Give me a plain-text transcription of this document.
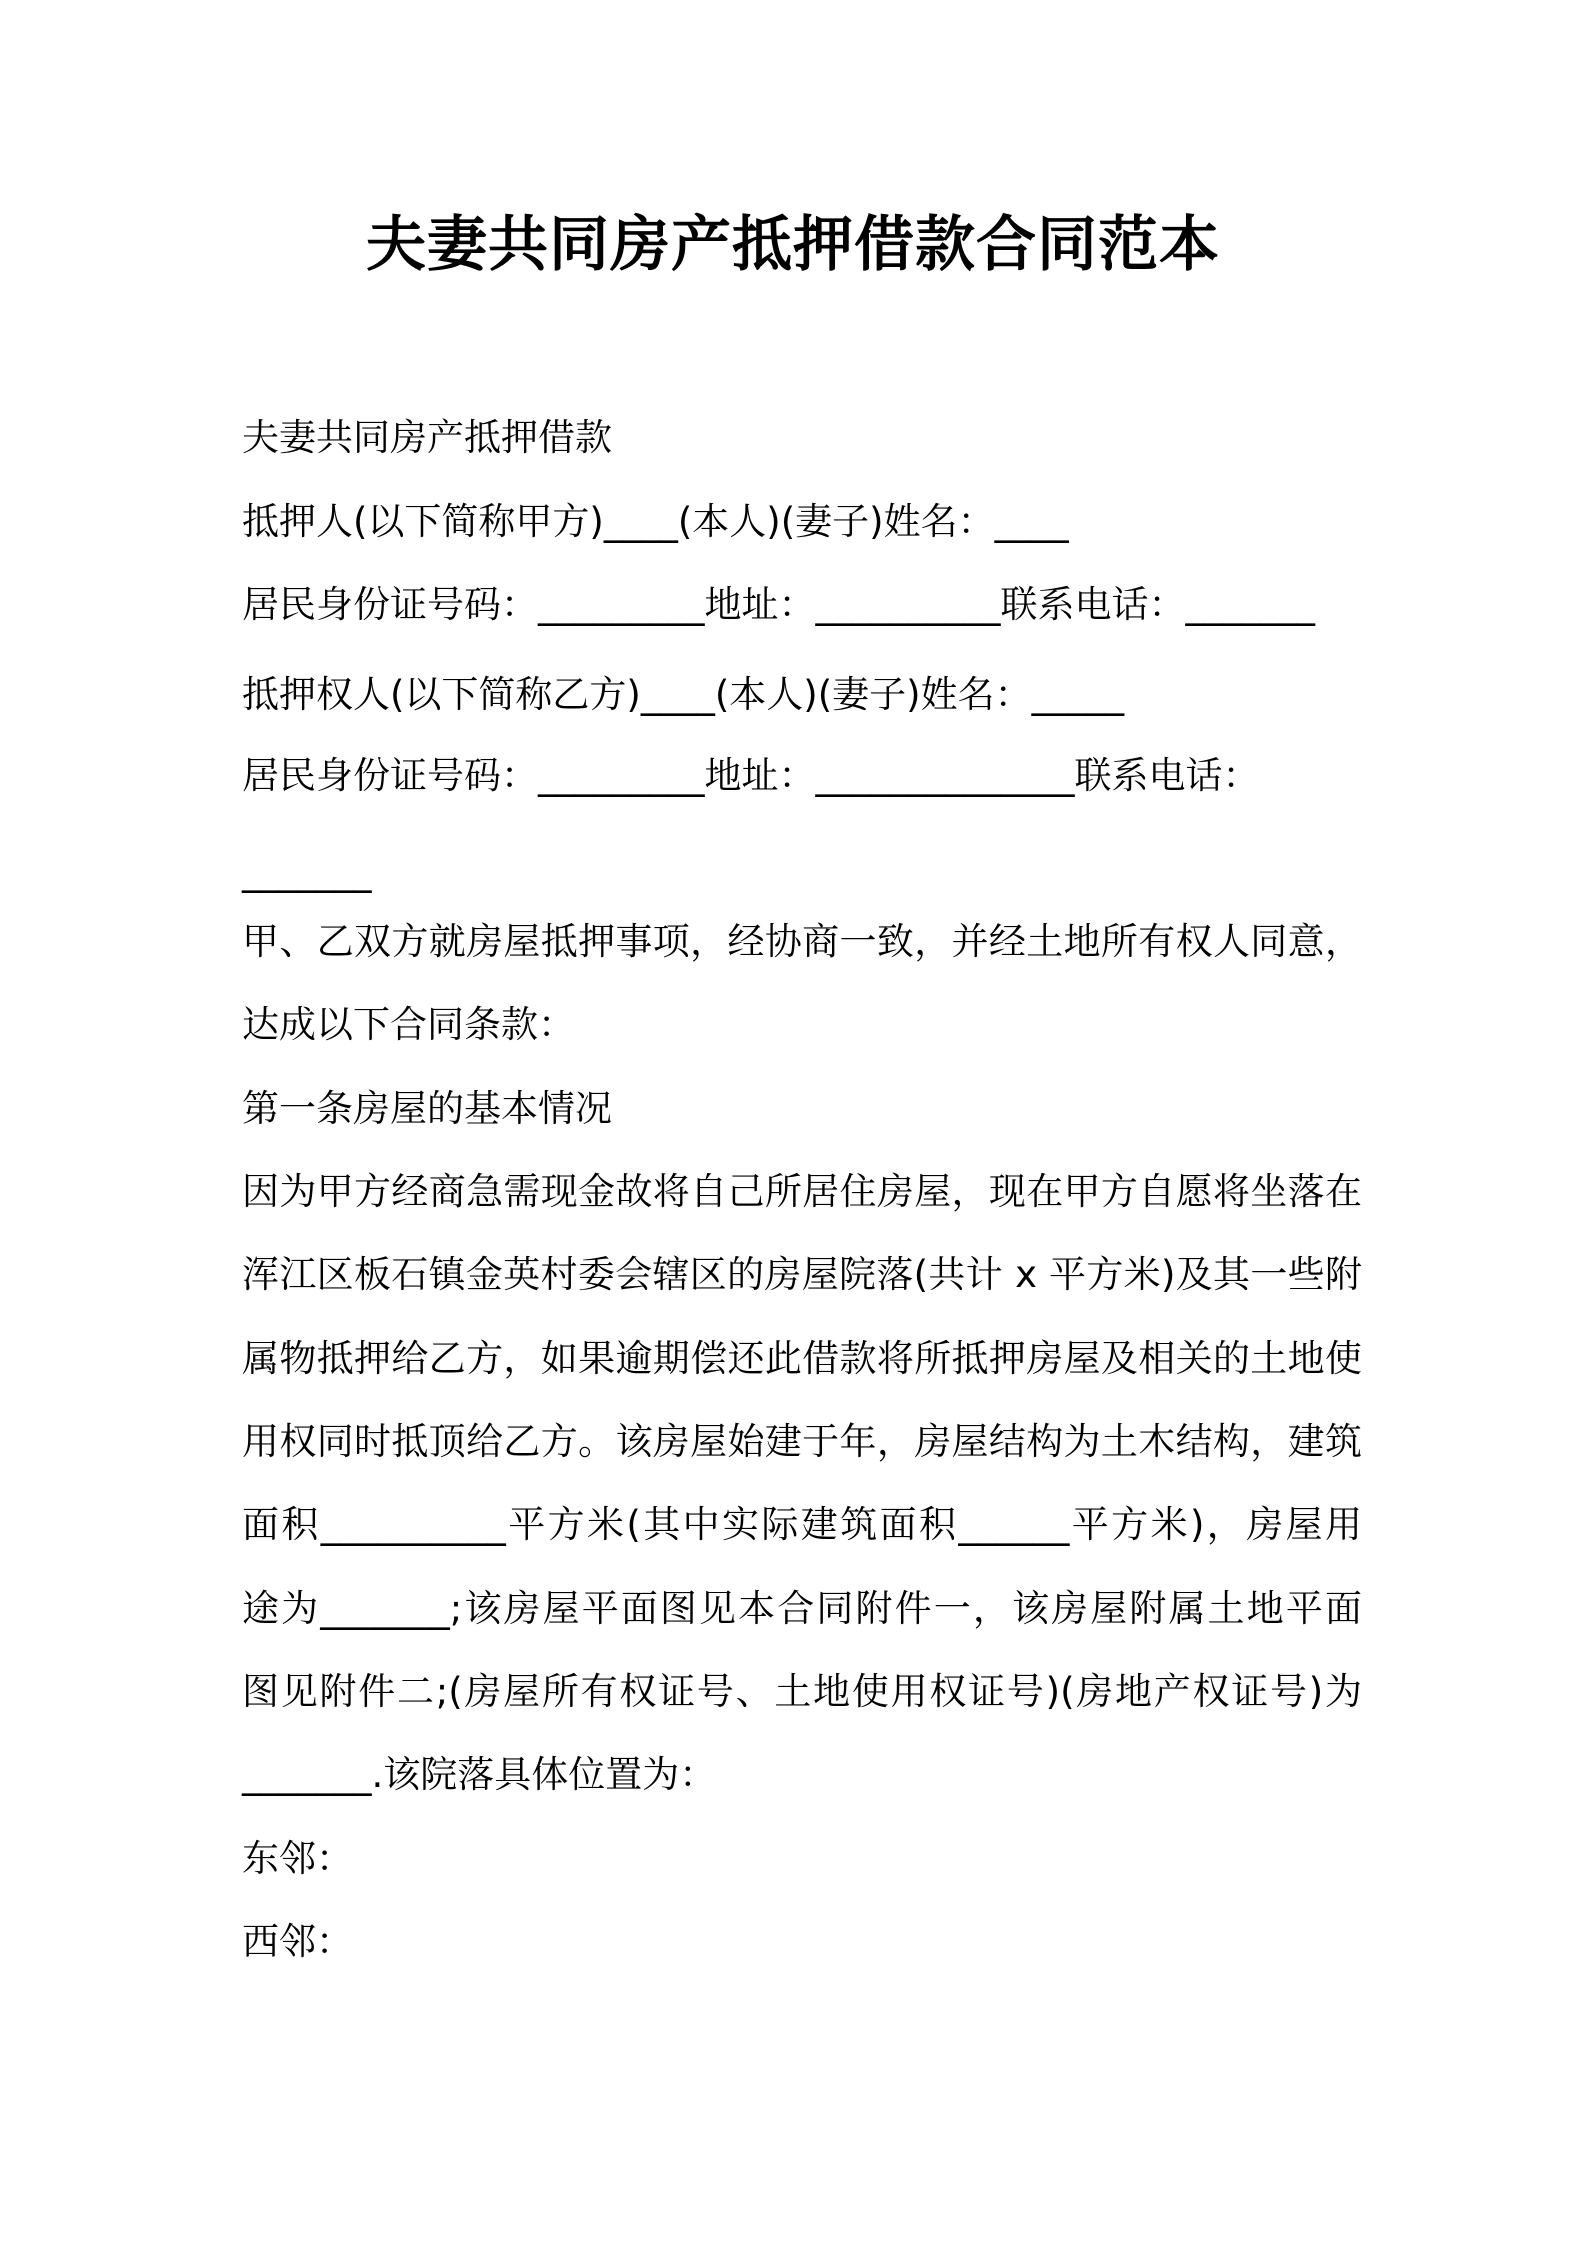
夫妻共同房产抵押借款合同范本
夫妻共同房产抵押借款
抵押人(以下简称甲方)____(本人)(妻子)姓名：____
居民身份证号码：_________地址：__________联系电话：_______
抵押权人(以下简称乙方)____(本人)(妻子)姓名：_____
居民身份证号码：_________地址：______________联系电话：
_______
甲、乙双方就房屋抵押事项，经协商一致，并经土地所有权人同意，
达成以下合同条款：
第一条房屋的基本情况
因为甲方经商急需现金故将自己所居住房屋，现在甲方自愿将坐落在
浑江区板石镇金英村委会辖区的房屋院落(共计 x 平方米)及其一些附
属物抵押给乙方，如果逾期偿还此借款将所抵押房屋及相关的土地使
用权同时抵顶给乙方。该房屋始建于年，房屋结构为土木结构，建筑
面积__________平方米(其中实际建筑面积______平方米)，房屋用
途为_______;该房屋平面图见本合同附件一，该房屋附属土地平面
图见附件二;(房屋所有权证号、土地使用权证号)(房地产权证号)为
_______.该院落具体位置为：
东邻：
西邻：
